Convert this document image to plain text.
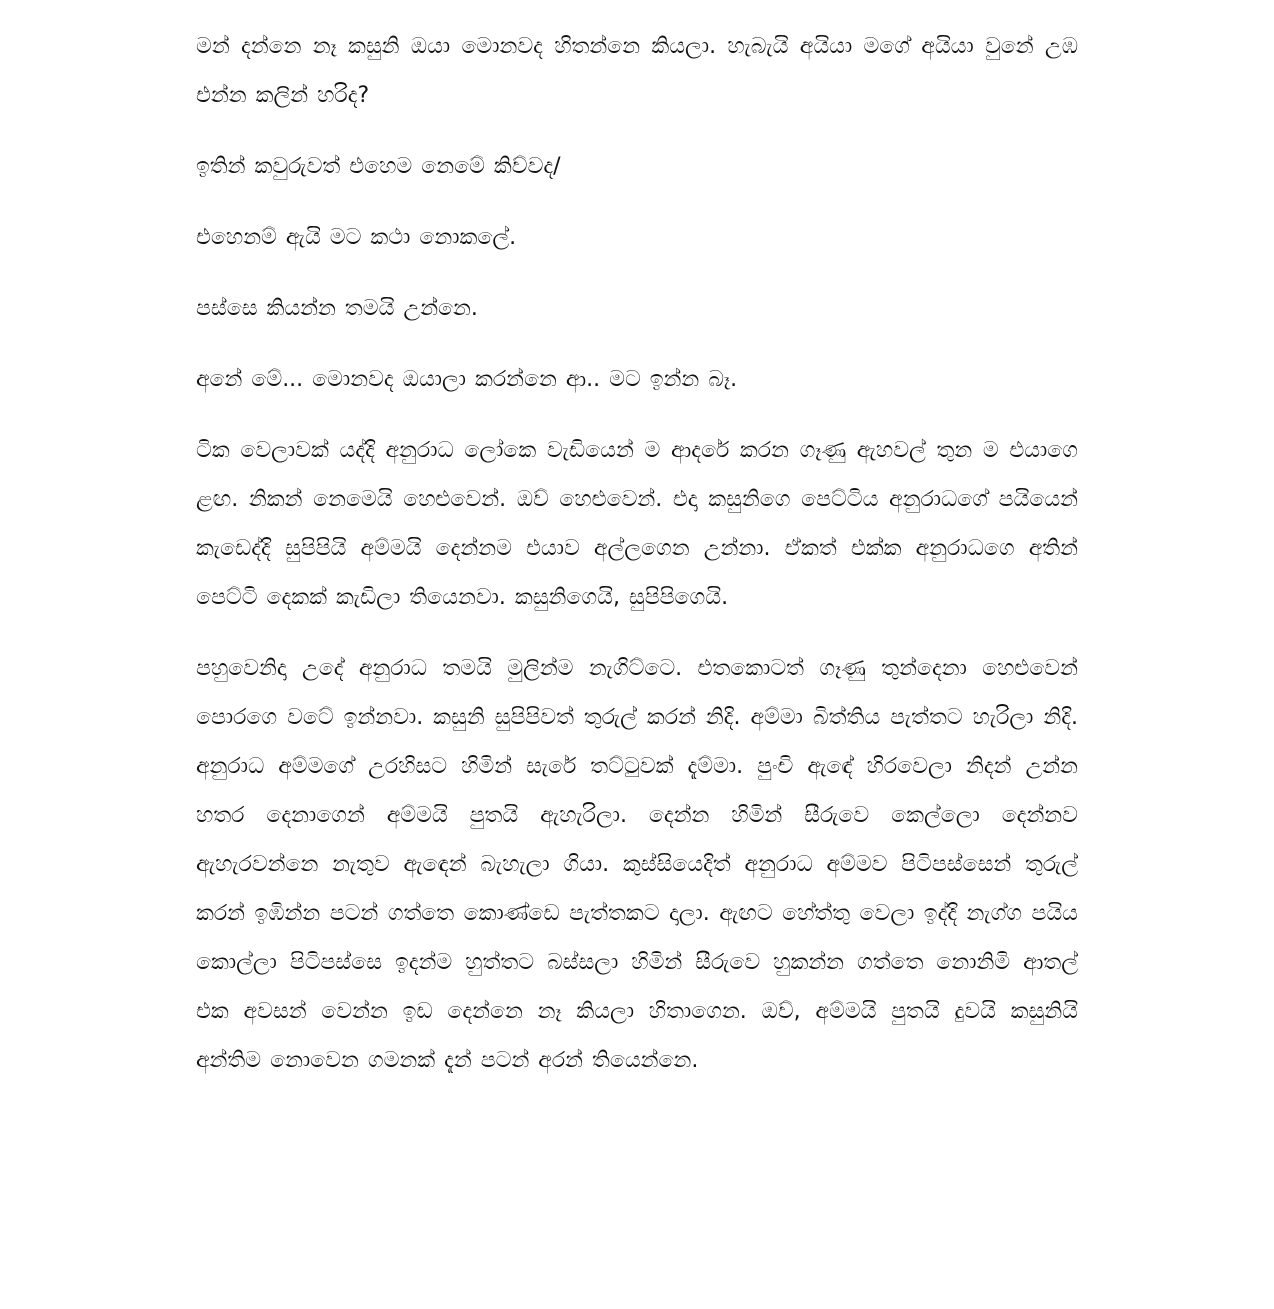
මන් දන්නෙ නෑ කසුනි ඔයා මොනවද හිතන්නෙ කියලා. හැබැයි අයියා මගේ අයියා වුනේ උඹ එන්න කලින් හරිද?

ඉතින් කවුරුවත් එහෙම නෙමේ කිව්වද/

එහෙනම් ඇයි මට කථා නොකලේ.

පස්සෙ කියන්න තමයි උන්නෙ.

අනේ මේ... මොනවද ඔයාලා කරන්නෙ ආ.. මට ඉන්න බෑ.

ටික වෙලාවක් යද්දි අනුරාධ ලෝකෙ වැඩියෙන් ම ආදරේ කරන ගෑණු ඇහවල් තුන ම එයාගෙ ළඟ. නිකන් නෙමෙයි හෙළුවෙන්. ඔව් හෙළුවෙන්. එදා කසුනිගෙ පෙට්ටිය අනුරාධගේ පයියෙන් කැඩෙද්දි සුපිපියි අම්මයි දෙන්නම එයාව අල්ලගෙන උන්නා. ඒකත් එක්ක අනුරාධගෙ අතින් පෙට්ටි දෙකක් කැඩිලා තියෙනවා. කසුනිගෙයි, සුපිපිගෙයි.

පහුවෙනිදා උදේ අනුරාධ තමයි මුලින්ම නැගිට්ටෙ. එතකොටත් ගෑණු තුන්දෙනා හෙළුවෙන් පොරගෙ වටේ ඉන්නවා. කසුනි සුපිපිවත් තුරුල් කරන් නිදි. අම්මා බිත්තිය පැත්තට හැරිලා නිදි. අනුරාධ අම්මගේ උරහිසට හිමින් සැරේ තට්ටුවක් දැම්මා. පුංචි ඇඳේ හිරවෙලා නිදන් උන්න හතර දෙනාගෙන් අම්මයි පුතයි ඇහැරිලා. දෙන්න හිමින් සීරුවෙ කෙල්ලො දෙන්නව ඇහැරවන්නෙ නැතුව ඇඳෙන් බැහැලා ගියා. කුස්සියෙදිත් අනුරාධ අම්මව පිටිපස්සෙන් තුරුල් කරන් ඉඹින්න පටන් ගත්තෙ කොණ්ඩෙ පැත්තකට දාලා. ඇඟට හේත්තු වෙලා ඉද්දි නැග්ග පයිය කොල්ලා පිටිපස්සෙ ඉදන්ම හුත්තට බස්සලා හිමින් සීරුවෙ හුකන්න ගත්තෙ නොනිමි ආතල් එක අවසන් වෙන්න ඉඩ දෙන්නෙ නෑ කියලා හිතාගෙන. ඔව්, අම්මයි පුතයි දුවයි කසුනියි අන්තිම නොවෙන ගමනක් දැන් පටන් අරන් තියෙන්නෙ.
